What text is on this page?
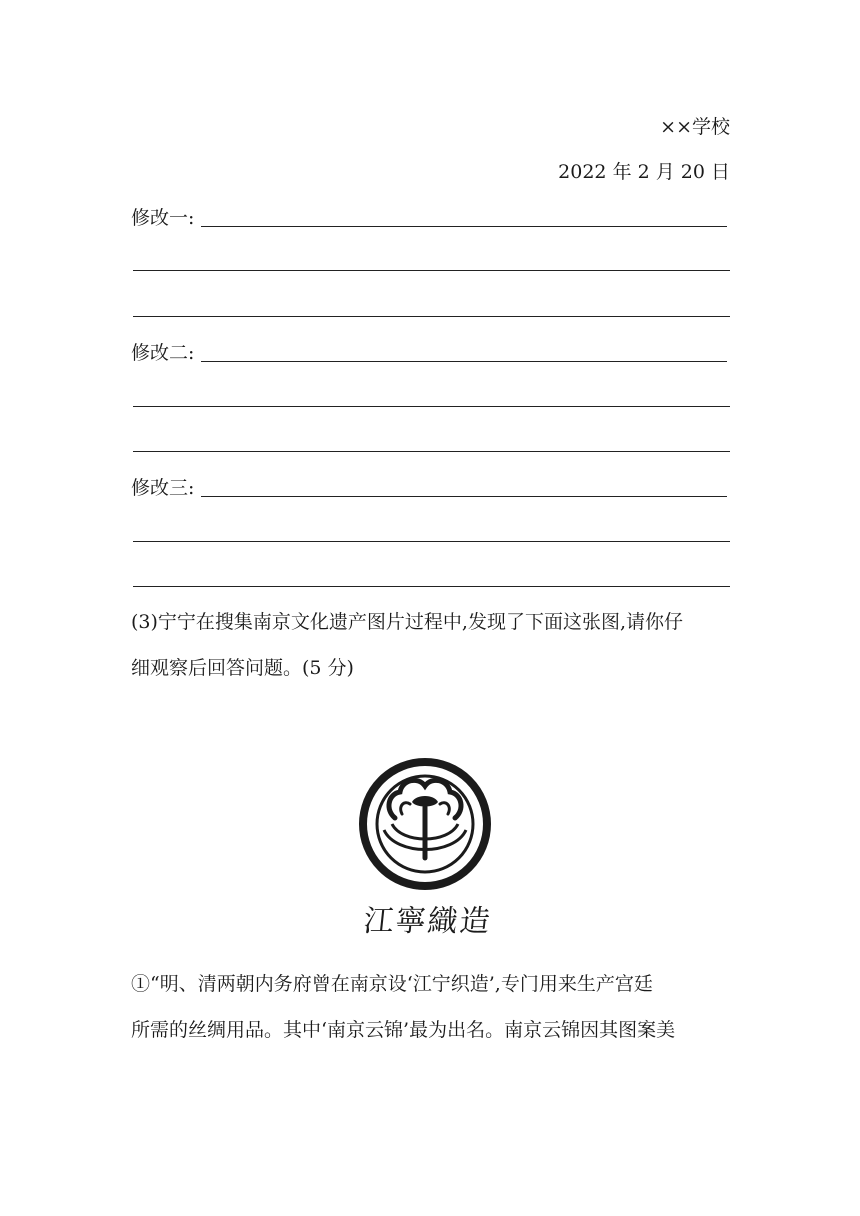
××学校
2022 年 2 月 20 日
修改一:
修改二:
修改三:
(3)宁宁在搜集南京文化遗产图片过程中,发现了下面这张图,请你仔
细观察后回答问题。(5 分)
江寧織造
①“明、清两朝内务府曾在南京设‘江宁织造’,专门用来生产宫廷
所需的丝绸用品。其中‘南京云锦’最为出名。南京云锦因其图案美
